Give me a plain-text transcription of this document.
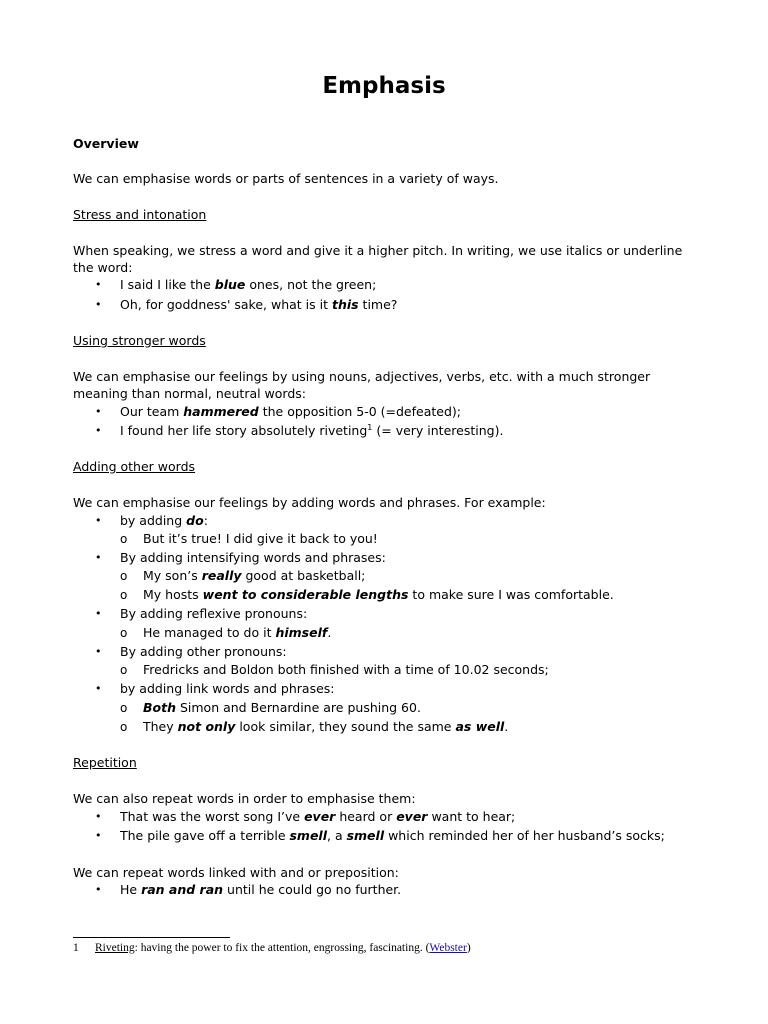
Emphasis
Overview
We can emphasise words or parts of sentences in a variety of ways.
Stress and intonation
When speaking, we stress a word and give it a higher pitch. In writing, we use italics or underline
the word:
• I said I like the blue ones, not the green;
• Oh, for goddness' sake, what is it this time?
Using stronger words
We can emphasise our feelings by using nouns, adjectives, verbs, etc. with a much stronger
meaning than normal, neutral words:
• Our team hammered the opposition 5-0 (=defeated);
• I found her life story absolutely riveting$^1$ (= very interesting).
Adding other words
We can emphasise our feelings by adding words and phrases. For example:
• by adding do:
o But it’s true! I did give it back to you!
• By adding intensifying words and phrases:
o My son’s really good at basketball;
o My hosts went to considerable lengths to make sure I was comfortable.
• By adding reflexive pronouns:
o He managed to do it himself.
• By adding other pronouns:
o Fredricks and Boldon both finished with a time of 10.02 seconds;
• by adding link words and phrases:
o Both Simon and Bernardine are pushing 60.
o They not only look similar, they sound the same as well.
Repetition
We can also repeat words in order to emphasise them:
• That was the worst song I’ve ever heard or ever want to hear;
• The pile gave off a terrible smell, a smell which reminded her of her husband’s socks;
We can repeat words linked with and or preposition:
• He ran and ran until he could go no further.
1 Riveting: having the power to fix the attention, engrossing, fascinating. (Webster)
